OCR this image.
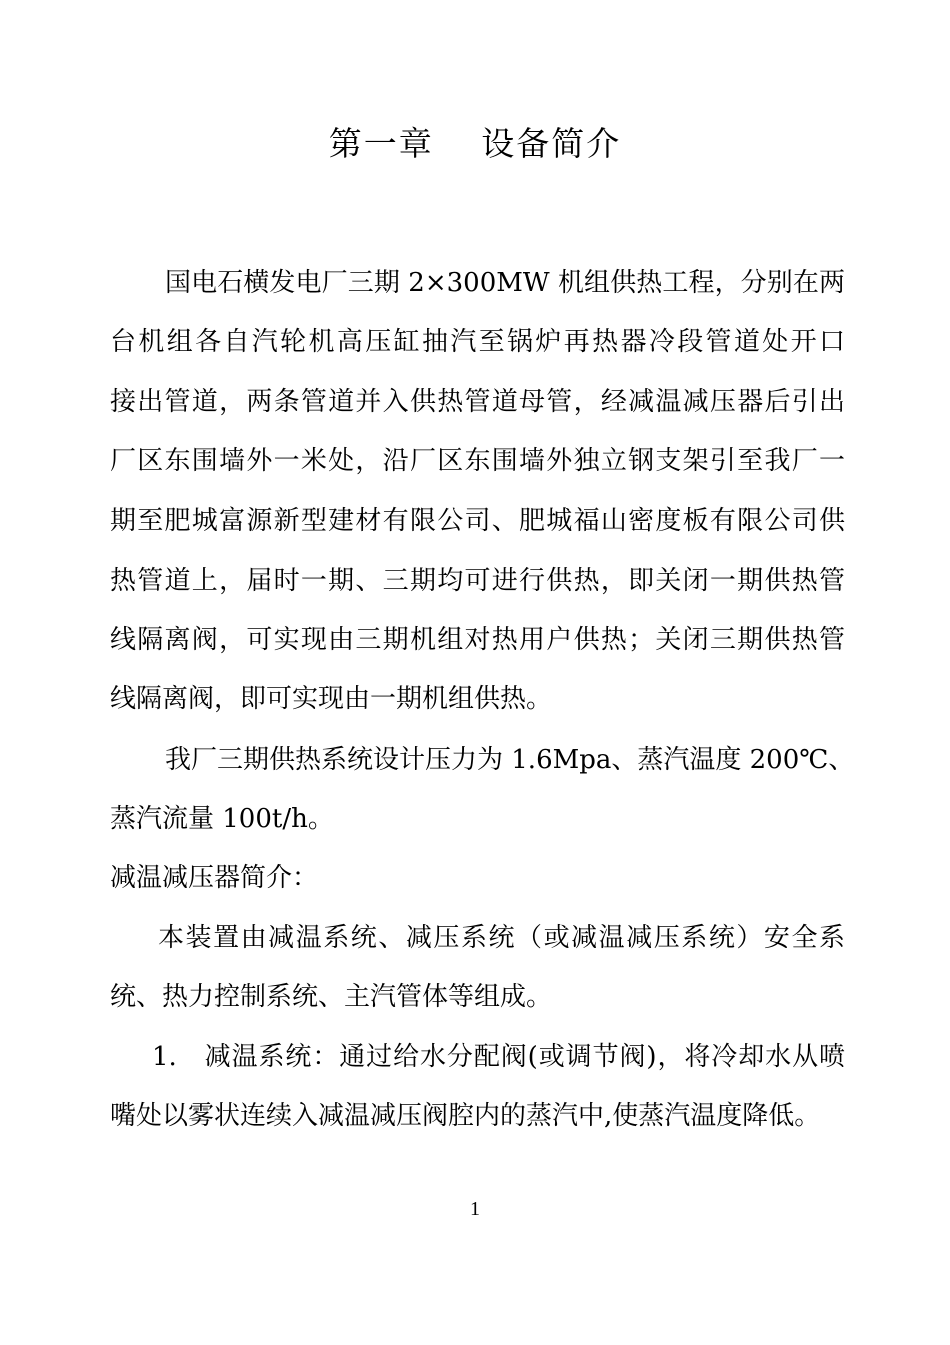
第一章　 设备简介
国电石横发电厂三期 2×300MW 机组供热工程，分别在两
台机组各自汽轮机高压缸抽汽至锅炉再热器冷段管道处开口
接出管道，两条管道并入供热管道母管，经减温减压器后引出
厂区东围墙外一米处，沿厂区东围墙外独立钢支架引至我厂一
期至肥城富源新型建材有限公司、肥城福山密度板有限公司供
热管道上，届时一期、三期均可进行供热，即关闭一期供热管
线隔离阀，可实现由三期机组对热用户供热；关闭三期供热管
线隔离阀，即可实现由一期机组供热。
我厂三期供热系统设计压力为 1.6Mpa、蒸汽温度 200℃、
蒸汽流量 100t/h。
减温减压器简介：
本装置由减温系统、减压系统（或减温减压系统）安全系
统、热力控制系统、主汽管体等组成。
1.　减温系统：通过给水分配阀(或调节阀)，将冷却水从喷
嘴处以雾状连续入减温减压阀腔内的蒸汽中,使蒸汽温度降低。
1
